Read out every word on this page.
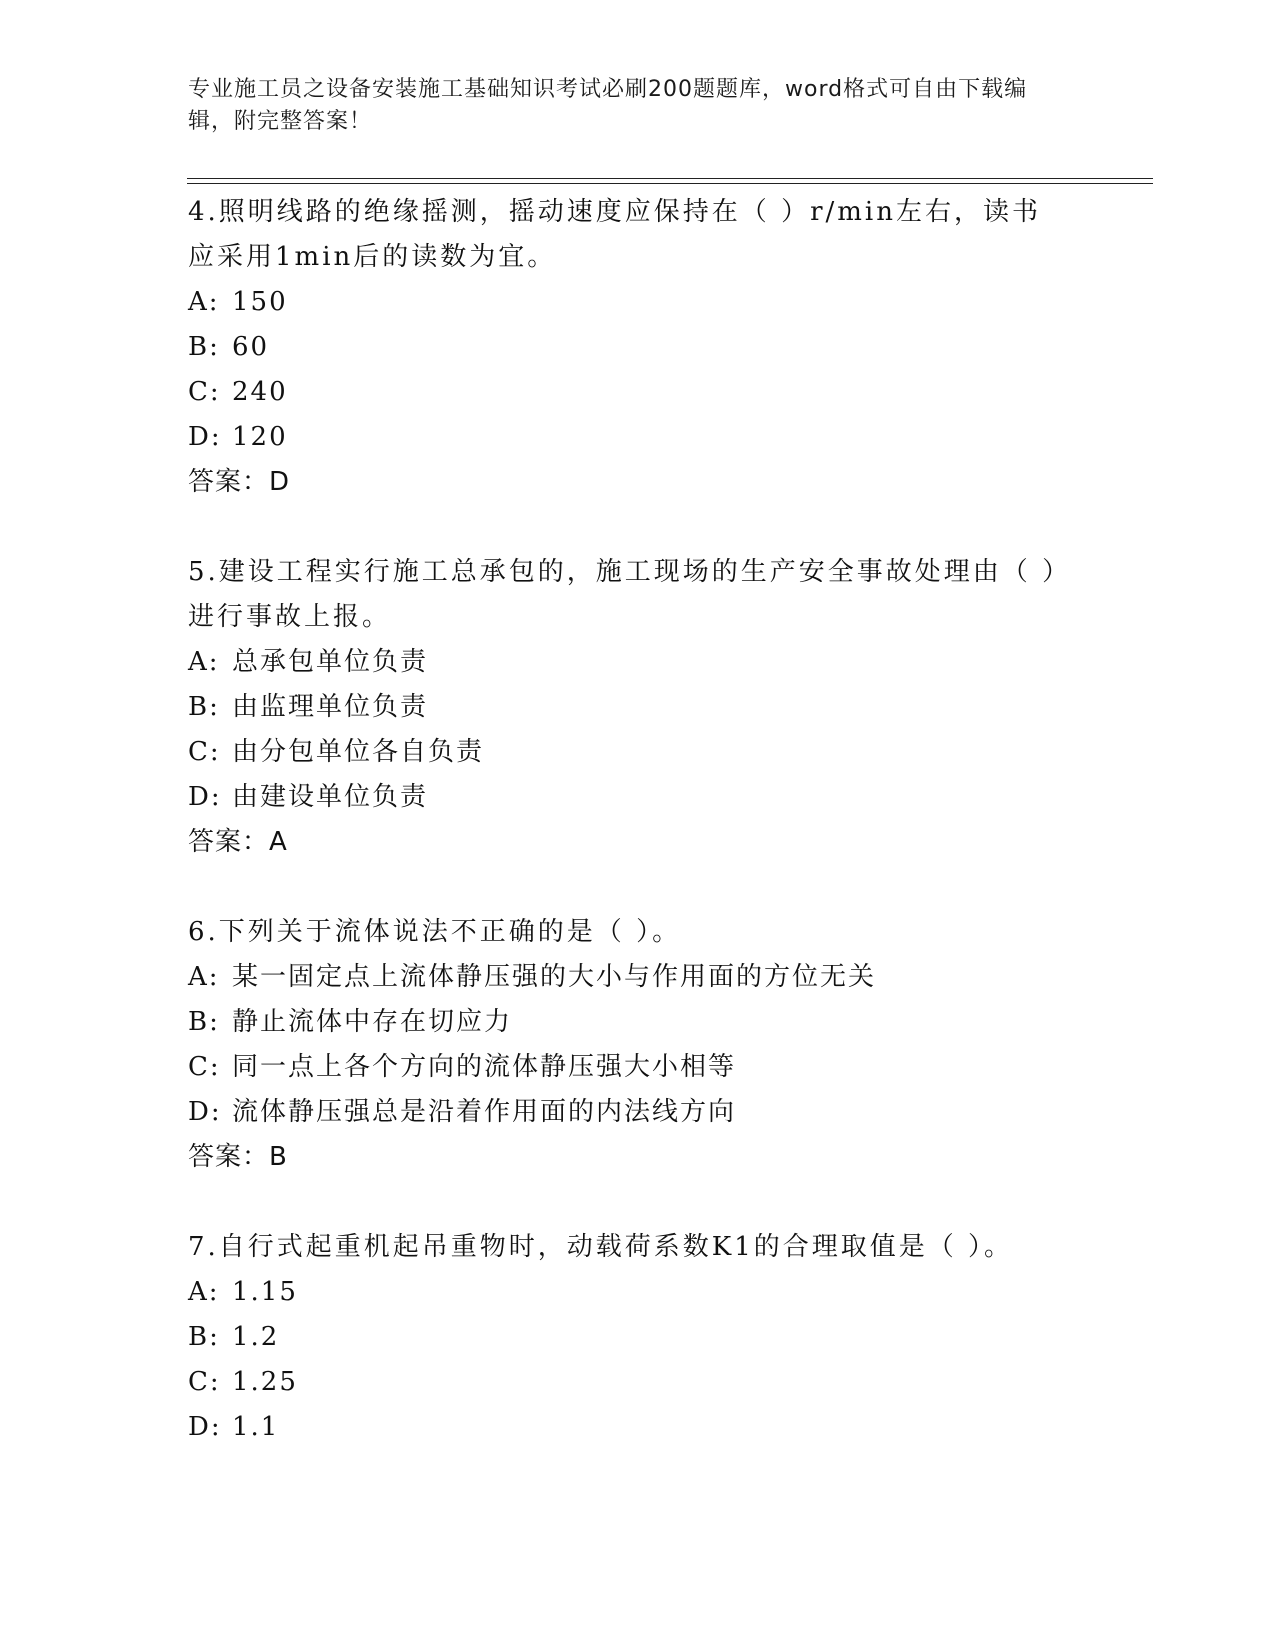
专业施工员之设备安装施工基础知识考试必刷200题题库，word格式可自由下载编辑，附完整答案！

4.照明线路的绝缘摇测，摇动速度应保持在（ ）r/min左右，读书应采用1min后的读数为宜。

A: 150

B: 60

C: 240

D: 120

答案：D

5.建设工程实行施工总承包的，施工现场的生产安全事故处理由（ ）进行事故上报。

A: 总承包单位负责

B: 由监理单位负责

C: 由分包单位各自负责

D: 由建设单位负责

答案：A

6.下列关于流体说法不正确的是（ ）。

A: 某一固定点上流体静压强的大小与作用面的方位无关

B: 静止流体中存在切应力

C: 同一点上各个方向的流体静压强大小相等

D: 流体静压强总是沿着作用面的内法线方向

答案：B

7.自行式起重机起吊重物时，动载荷系数K1的合理取值是（ ）。

A: 1.15

B: 1.2

C: 1.25

D: 1.1
